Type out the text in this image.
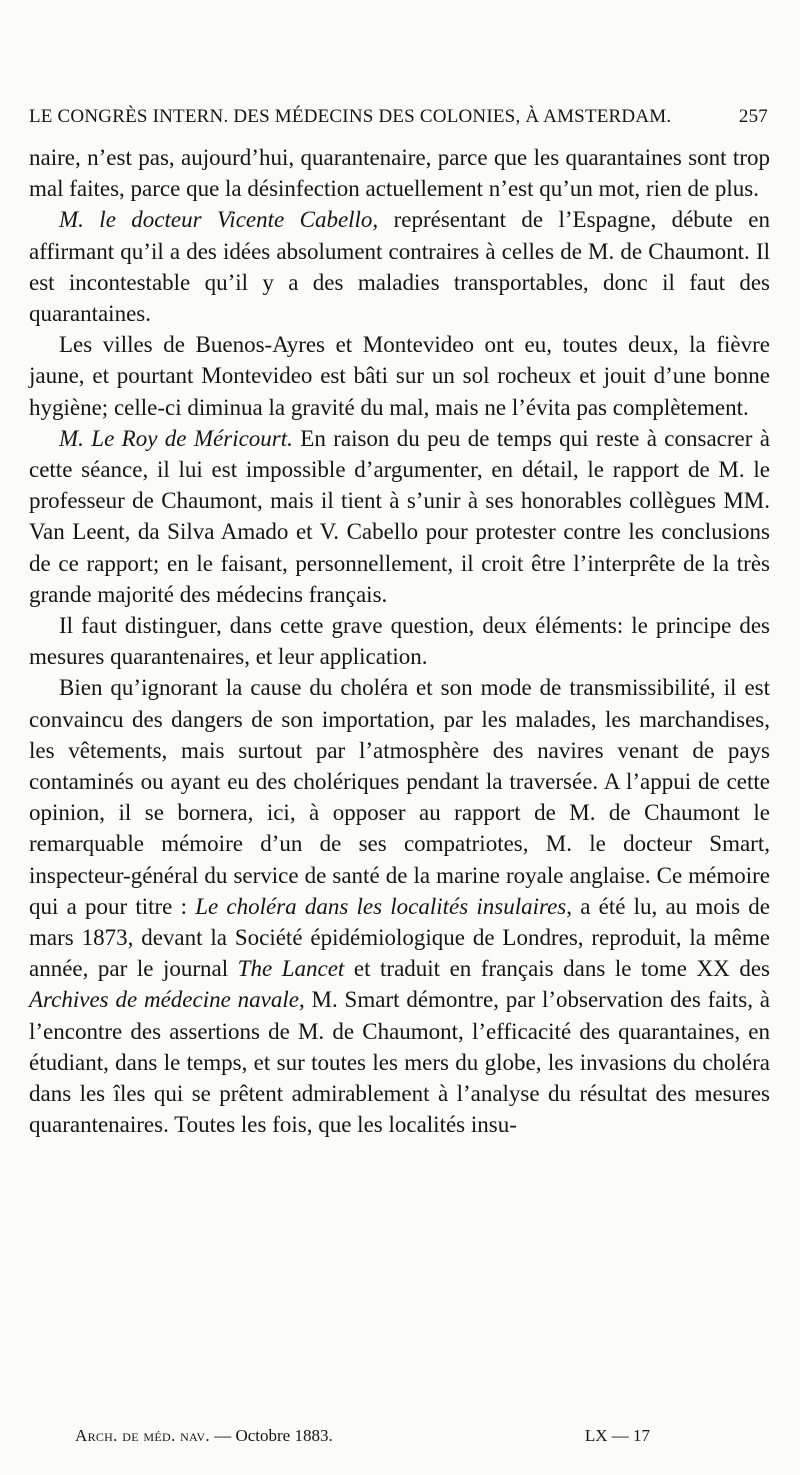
LE CONGRÈS INTERN. DES MÉDECINS DES COLONIES, À AMSTERDAM.	257

naire, n’est pas, aujourd’hui, quarantenaire, parce que les quarantaines sont trop mal faites, parce que la désinfection actuellement n’est qu’un mot, rien de plus.

M. le docteur Vicente Cabello, représentant de l’Espagne, débute en affirmant qu’il a des idées absolument contraires à celles de M. de Chaumont. Il est incontestable qu’il y a des maladies transportables, donc il faut des quarantaines.

Les villes de Buenos-Ayres et Montevideo ont eu, toutes deux, la fièvre jaune, et pourtant Montevideo est bâti sur un sol rocheux et jouit d’une bonne hygiène; celle-ci diminua la gravité du mal, mais ne l’évita pas complètement.

M. Le Roy de Méricourt. En raison du peu de temps qui reste à consacrer à cette séance, il lui est impossible d’argumenter, en détail, le rapport de M. le professeur de Chaumont, mais il tient à s’unir à ses honorables collègues MM. Van Leent, da Silva Amado et V. Cabello pour protester contre les conclusions de ce rapport; en le faisant, personnellement, il croit être l’interprête de la très grande majorité des médecins français.

Il faut distinguer, dans cette grave question, deux éléments: le principe des mesures quarantenaires, et leur application.

Bien qu’ignorant la cause du choléra et son mode de transmissibilité, il est convaincu des dangers de son importation, par les malades, les marchandises, les vêtements, mais surtout par l’atmosphère des navires venant de pays contaminés ou ayant eu des cholériques pendant la traversée. A l’appui de cette opinion, il se bornera, ici, à opposer au rapport de M. de Chaumont le remarquable mémoire d’un de ses compatriotes, M. le docteur Smart, inspecteur-général du service de santé de la marine royale anglaise. Ce mémoire qui a pour titre : Le choléra dans les localités insulaires, a été lu, au mois de mars 1873, devant la Société épidémiologique de Londres, reproduit, la même année, par le journal The Lancet et traduit en français dans le tome XX des Archives de médecine navale, M. Smart démontre, par l’observation des faits, à l’encontre des assertions de M. de Chaumont, l’efficacité des quarantaines, en étudiant, dans le temps, et sur toutes les mers du globe, les invasions du choléra dans les îles qui se prêtent admirablement à l’analyse du résultat des mesures quarantenaires. Toutes les fois, que les localités insu-

Arch. de méd. nav. — Octobre 1883.	LX — 17
